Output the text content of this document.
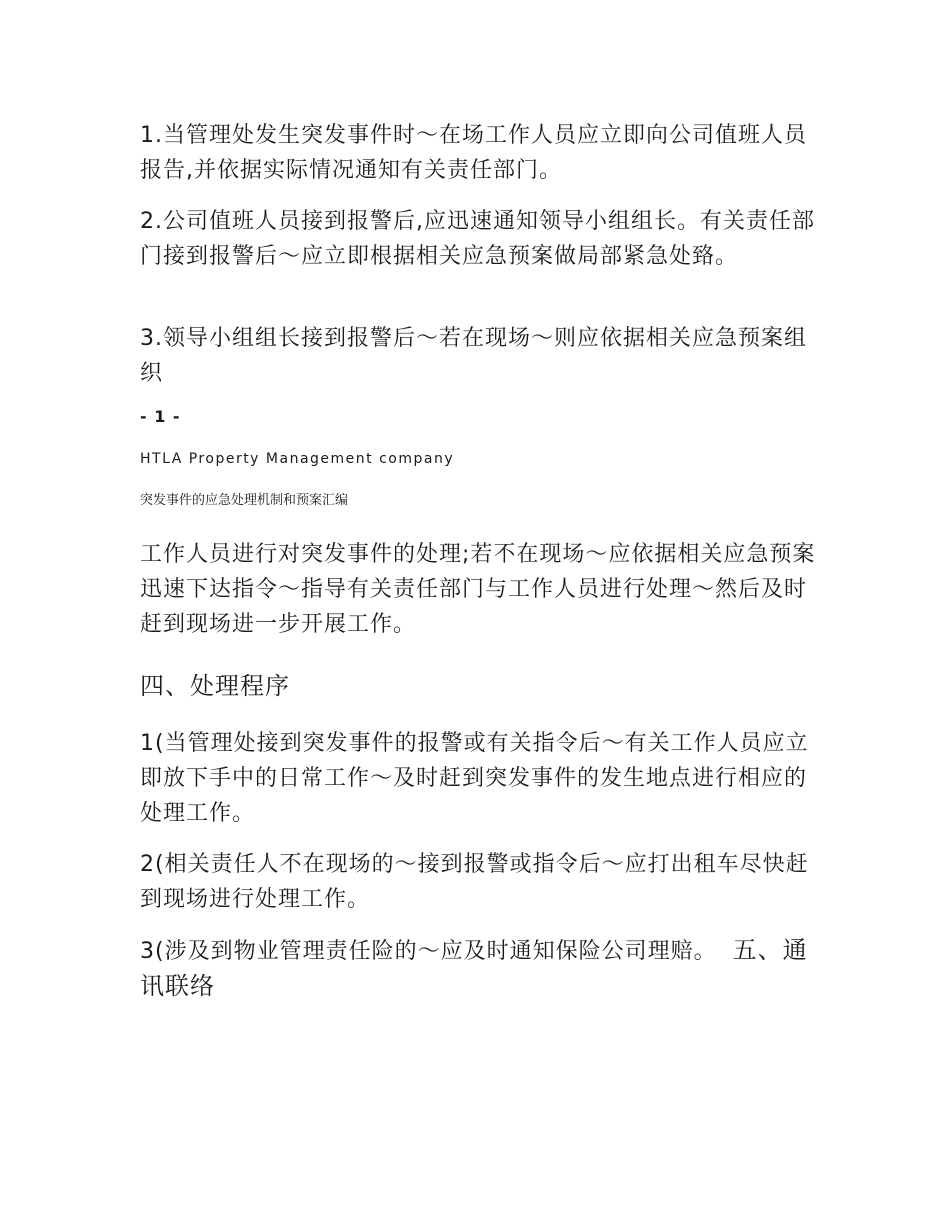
1.当管理处发生突发事件时～在场工作人员应立即向公司值班人员报告,并依据实际情况通知有关责任部门。

2.公司值班人员接到报警后,应迅速通知领导小组组长。有关责任部门接到报警后～应立即根据相关应急预案做局部紧急处臵。

3.领导小组组长接到报警后～若在现场～则应依据相关应急预案组织

- 1 -
HTLA Property Management company
突发事件的应急处理机制和预案汇编

工作人员进行对突发事件的处理;若不在现场～应依据相关应急预案迅速下达指令～指导有关责任部门与工作人员进行处理～然后及时赶到现场进一步开展工作。

四、处理程序

1(当管理处接到突发事件的报警或有关指令后～有关工作人员应立即放下手中的日常工作～及时赶到突发事件的发生地点进行相应的处理工作。

2(相关责任人不在现场的～接到报警或指令后～应打出租车尽快赶到现场进行处理工作。

3(涉及到物业管理责任险的～应及时通知保险公司理赔。 五、通讯联络
